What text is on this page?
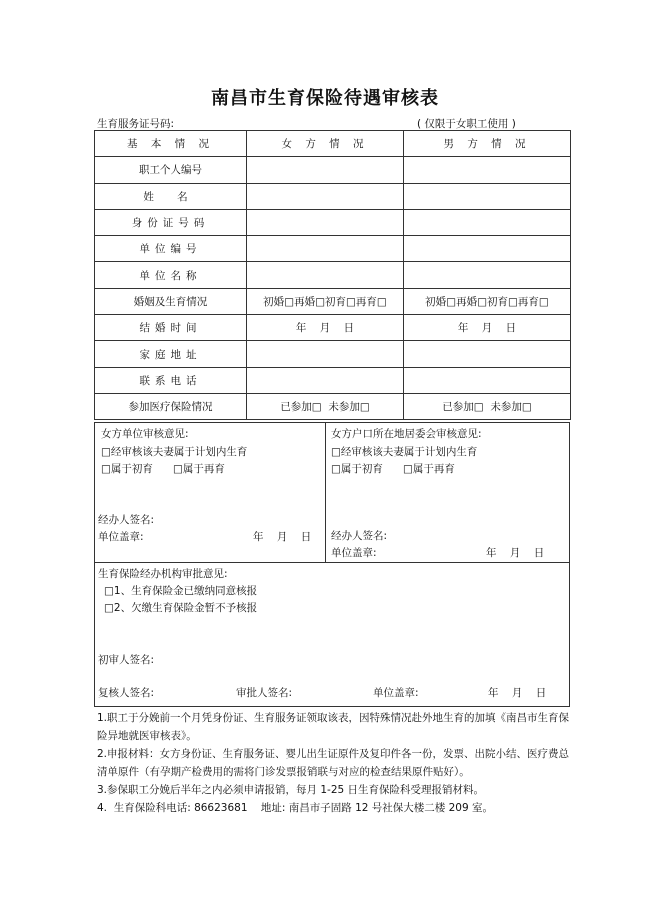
南昌市生育保险待遇审核表
生育服务证号码:	( 仅限于女职工使用 )
基 本 情 况	女 方 情 况	男 方 情 况
职工个人编号		
姓 名		
身份证号码		
单位编号		
单位名称		
婚姻及生育情况	初婚□再婚□初育□再育□	初婚□再婚□初育□再育□
结婚时间	年    月    日	年    月    日
家庭地址		
联系电话		
参加医疗保险情况	已参加□  未参加□	已参加□  未参加□
女方单位审核意见:
□经审核该夫妻属于计划内生育
□属于初育      □属于再育
经办人签名:
单位盖章:	年    月    日
女方户口所在地居委会审核意见:
□经审核该夫妻属于计划内生育
□属于初育      □属于再育
经办人签名:
单位盖章:	年    月    日
生育保险经办机构审批意见:
□1、生育保险金已缴纳同意核报
□2、欠缴生育保险金暂不予核报
初审人签名:
复核人签名:	审批人签名:	单位盖章:	年    月    日

1.职工于分娩前一个月凭身份证、生育服务证领取该表，因特殊情况赴外地生育的加填《南昌市生育保险异地就医审核表》。

2.申报材料：女方身份证、生育服务证、婴儿出生证原件及复印件各一份，发票、出院小结、医疗费总清单原件（有孕期产检费用的需将门诊发票报销联与对应的检查结果原件贴好）。

3.参保职工分娩后半年之内必须申请报销，每月 1-25 日生育保险科受理报销材料。

4.  生育保险科电话: 86623681    地址: 南昌市子固路 12 号社保大楼二楼 209 室。
